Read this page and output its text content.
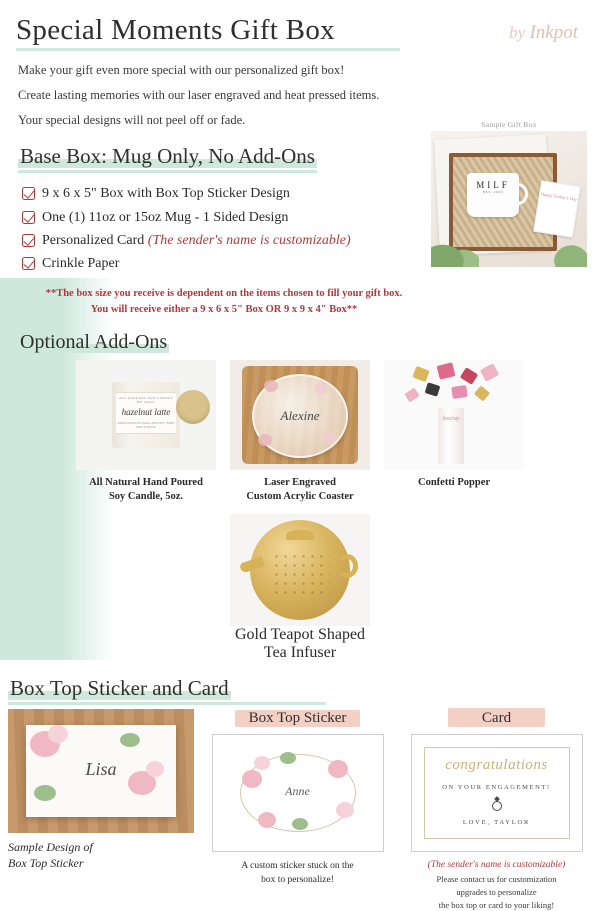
Special Moments Gift Box	by Inkpot

Make your gift even more special with our personalized gift box!

Create lasting memories with our laser engraved and heat pressed items.

Your special designs will not peel off or fade.	Sample Gift Box
MILF
EST. 2020	Happy Father's Day
Base Box: Mug Only, No Add-Ons
9 x 6 x 5" Box with Box Top Sticker Design
One (1) 11oz or 15oz Mug - 1 Sided Design
Personalized Card (The sender's name is customizable)
Crinkle Paper
**The box size you receive is dependent on the items chosen to fill your gift box.
You will receive either a 9 x 6 x 5" Box OR 9 x 9 x 4" Box**
Optional Add-Ons
ALL NATURAL SOY CANDLE BY inkpot
hazelnut latte
HAND POURED IN SMALL BATCHES • BURN TIME 35 HOURS
All Natural Hand Poured
Soy Candle, 5oz.
Alexine
Laser Engraved
Custom Acrylic Coaster
hooray
Confetti Popper
Gold Teapot Shaped
Tea Infuser
Box Top Sticker and Card
Lisa
Sample Design of
Box Top Sticker
Box Top Sticker
Anne
A custom sticker stuck on the
box to personalize!
Card
congratulations
ON YOUR ENGAGEMENT!
LOVE, TAYLOR
(The sender's name is customizable)
Please contact us for customization
upgrades to personalize
the box top or card to your liking!
